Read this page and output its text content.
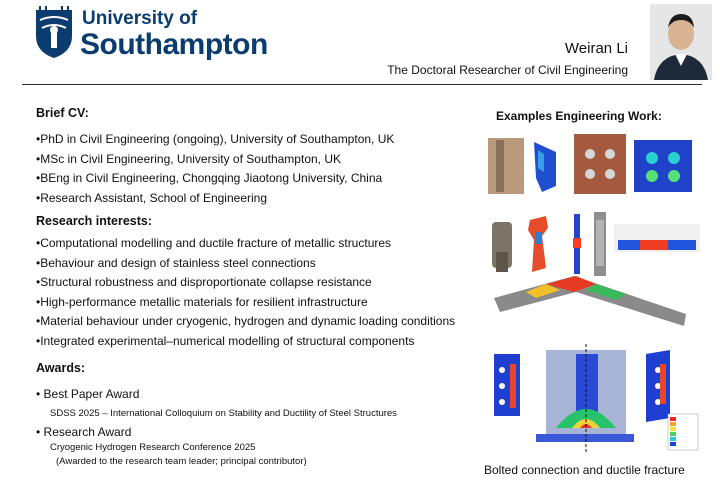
University of
Southampton	Weiran Li
The Doctoral Researcher of Civil Engineering
Brief CV:
•PhD in Civil Engineering (ongoing), University of Southampton, UK
•MSc in Civil Engineering, University of Southampton, UK
•BEng in Civil Engineering, Chongqing Jiaotong University, China
•Research Assistant, School of Engineering
Research interests:
•Computational modelling and ductile fracture of metallic structures
•Behaviour and design of stainless steel connections
•Structural robustness and disproportionate collapse resistance
•High-performance metallic materials for resilient infrastructure
•Material behaviour under cryogenic, hydrogen and dynamic loading conditions
•Integrated experimental–numerical modelling of structural components
Awards:
• Best Paper Award
SDSS 2025 – International Colloquium on Stability and Ductility of Steel Structures
• Research Award
Cryogenic Hydrogen Research Conference 2025
(Awarded to the research team leader; principal contributor)
Examples Engineering Work:
Bolted connection and ductile fracture
